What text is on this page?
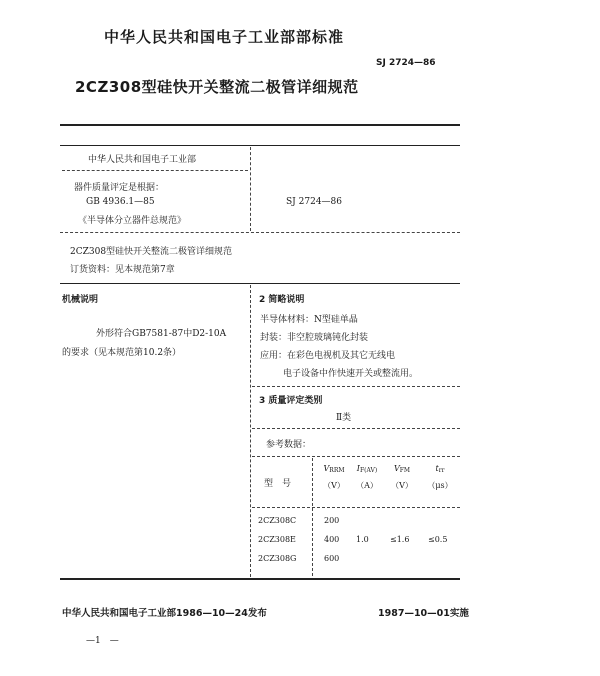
中华人民共和国电子工业部部标准
SJ 2724—86
2CZ308型硅快开关整流二极管详细规范
中华人民共和国电子工业部
器件质量评定是根据：
GB 4936.1—85
《半导体分立器件总规范》
SJ 2724—86
2CZ308型硅快开关整流二极管详细规范
订货资料：见本规范第7章
机械说明
外形符合GB7581-87中D2-10A
的要求（见本规范第10.2条）
2 简略说明
半导体材料：N型硅单晶
封装：非空腔玻璃钝化封装
应用：在彩色电视机及其它无线电
电子设备中作快速开关或整流用。
3 质量评定类别
Ⅱ类
参考数据：
型　号
VRRM
（V）
IF(AV)
（A）
VFM
（V）
trr
（μs）
2CZ308C
2CZ308E
2CZ308G
200
400
600
1.0	≤1.6 ≤0.5
中华人民共和国电子工业部1986—10—24发布	1987—10—01实施
—1　—
